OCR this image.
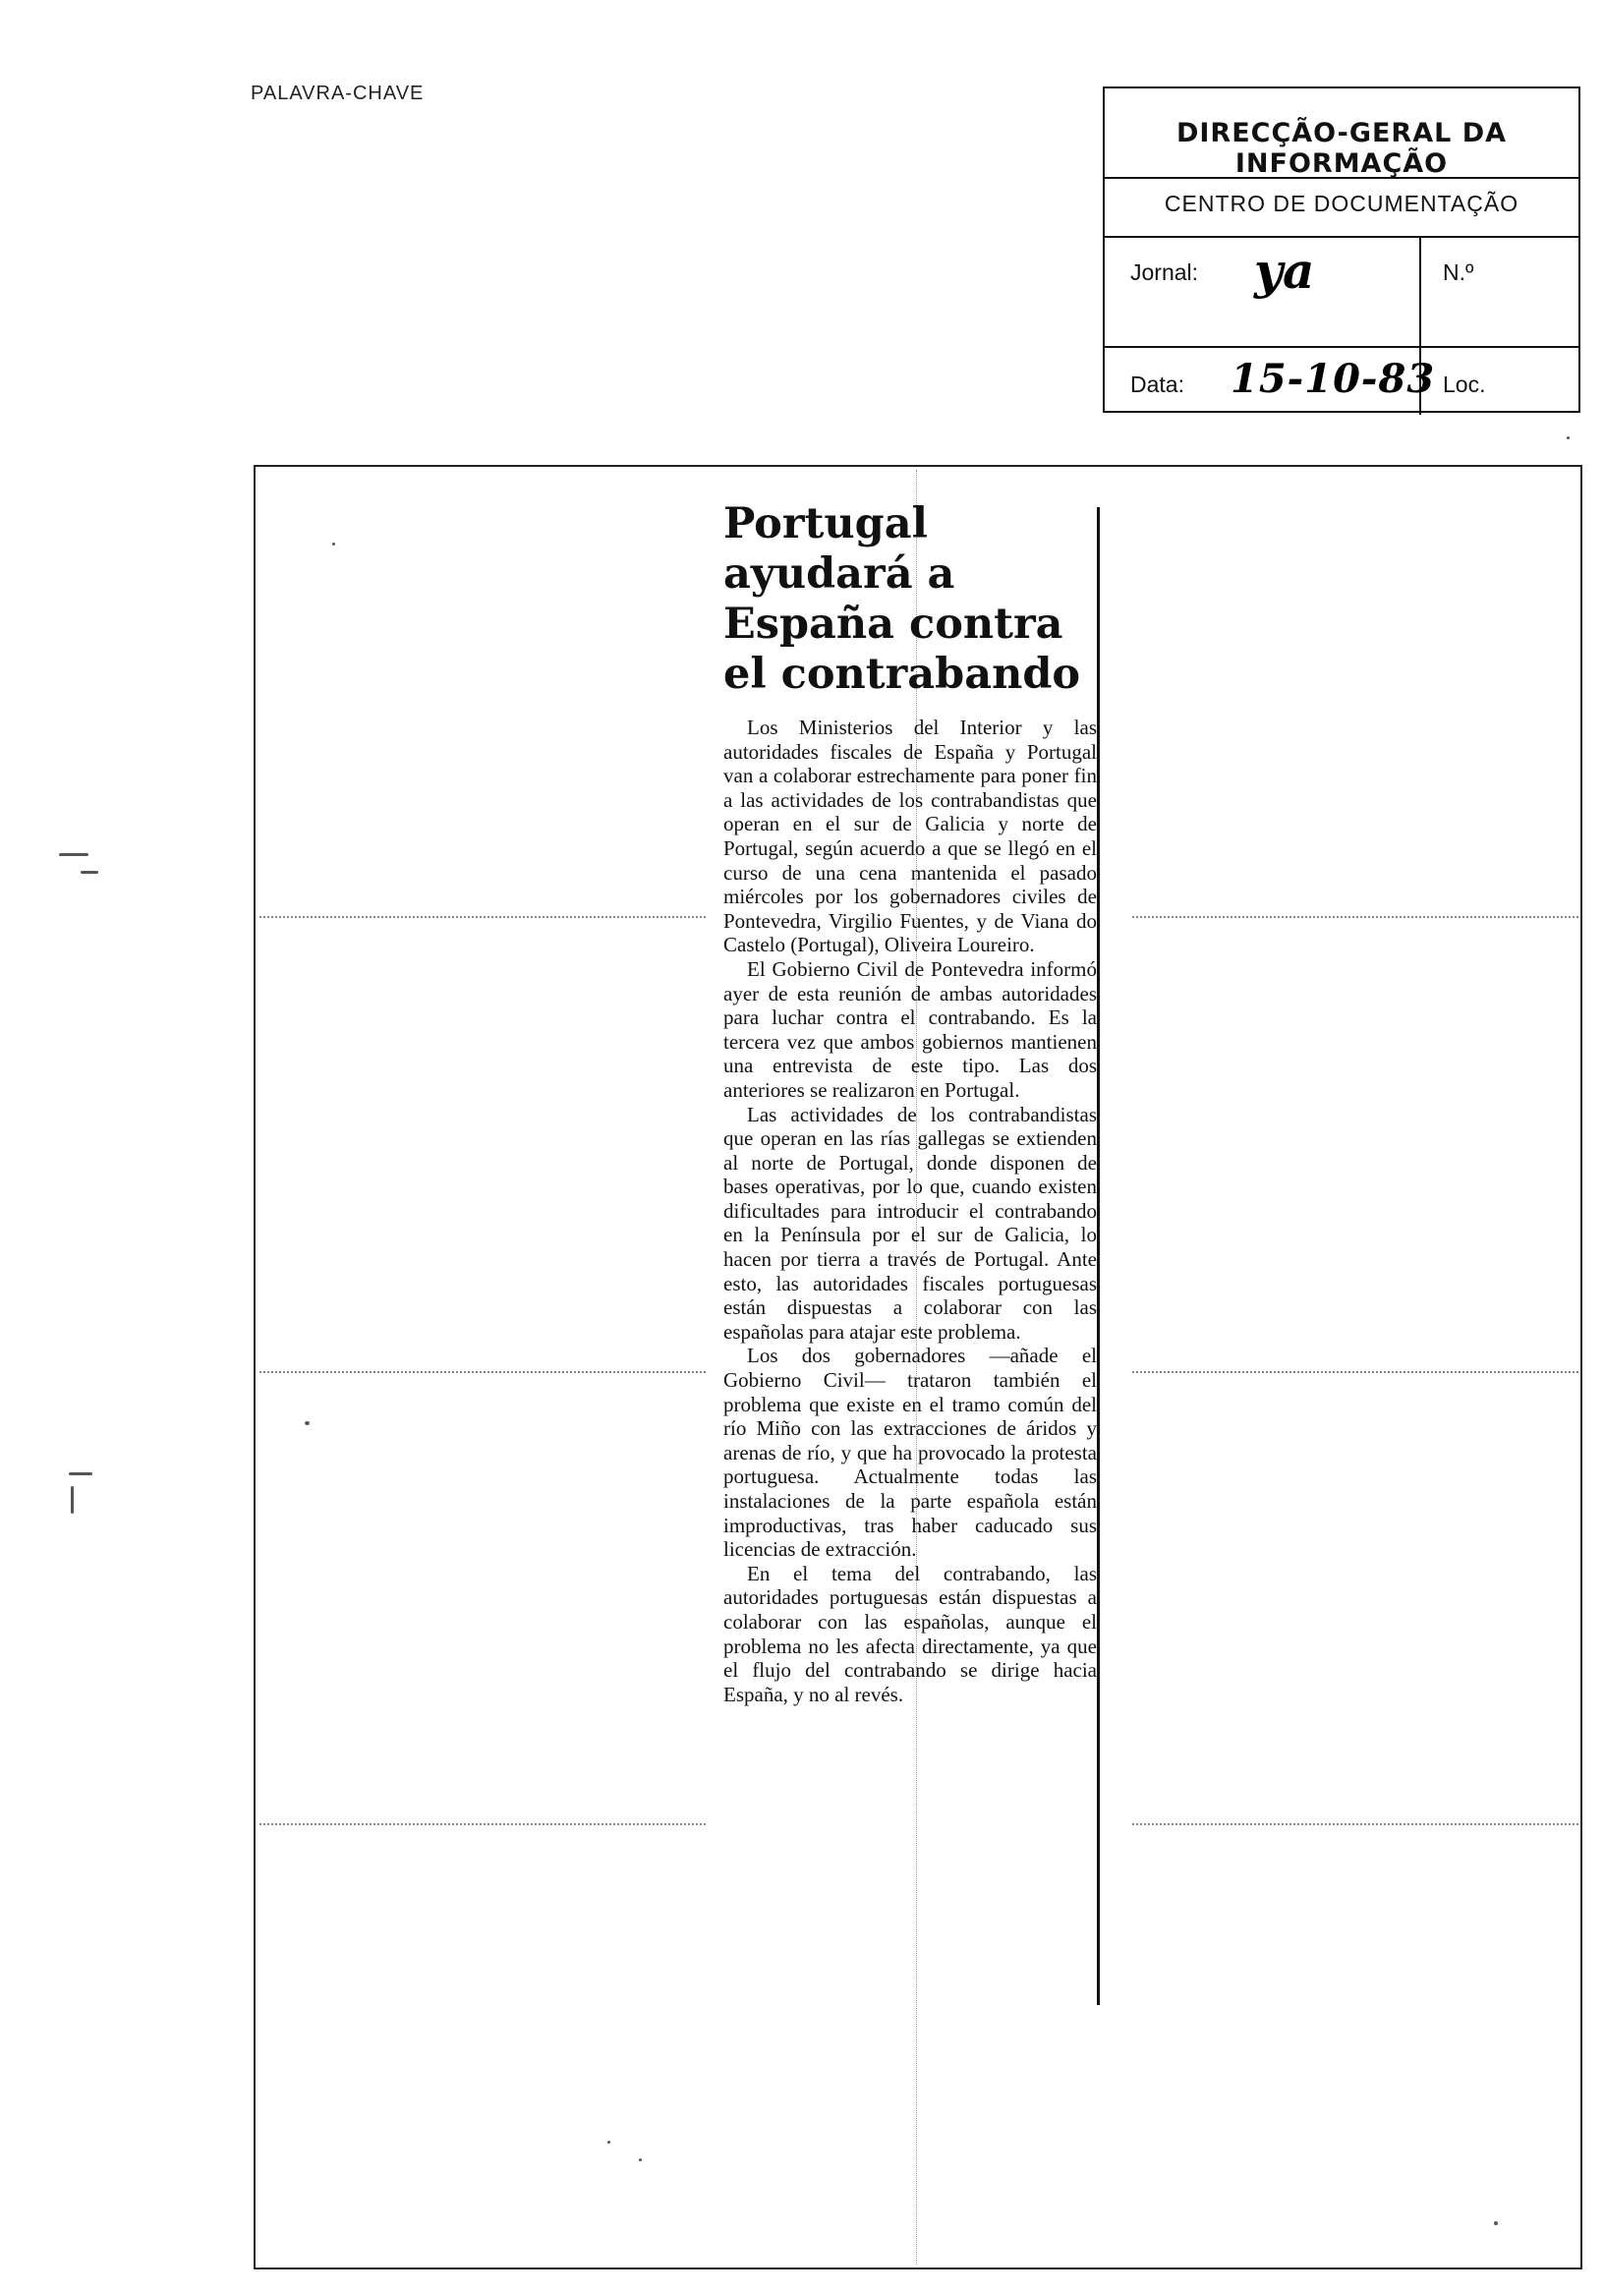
PALAVRA-CHAVE
DIRECÇÃO-GERAL DA INFORMAÇÃO
CENTRO DE DOCUMENTAÇÃO
Jornal: ya	N.º
Data: 15-10-83 Loc.
Portugal ayudará a España contra el contrabando

Los Ministerios del Interior y las autoridades fiscales de España y Portugal van a colaborar estrechamente para poner fin a las actividades de los contrabandistas que operan en el sur de Galicia y norte de Portugal, según acuerdo a que se llegó en el curso de una cena mantenida el pasado miércoles por los gobernadores civiles de Pontevedra, Virgilio Fuentes, y de Viana do Castelo (Portugal), Oliveira Loureiro.

El Gobierno Civil de Pontevedra informó ayer de esta reunión de ambas autoridades para luchar contra el contrabando. Es la tercera vez que ambos gobiernos mantienen una entrevista de este tipo. Las dos anteriores se realizaron en Portugal.

Las actividades de los contrabandistas que operan en las rías gallegas se extienden al norte de Portugal, donde disponen de bases operativas, por lo que, cuando existen dificultades para introducir el contrabando en la Península por el sur de Galicia, lo hacen por tierra a través de Portugal. Ante esto, las autoridades fiscales portuguesas están dispuestas a colaborar con las españolas para atajar este problema.

Los dos gobernadores —añade el Gobierno Civil— trataron también el problema que existe en el tramo común del río Miño con las extracciones de áridos y arenas de río, y que ha provocado la protesta portuguesa. Actualmente todas las instalaciones de la parte española están improductivas, tras haber caducado sus licencias de extracción.

En el tema del contrabando, las autoridades portuguesas están dispuestas a colaborar con las españolas, aunque el problema no les afecta directamente, ya que el flujo del contrabando se dirige hacia España, y no al revés.
